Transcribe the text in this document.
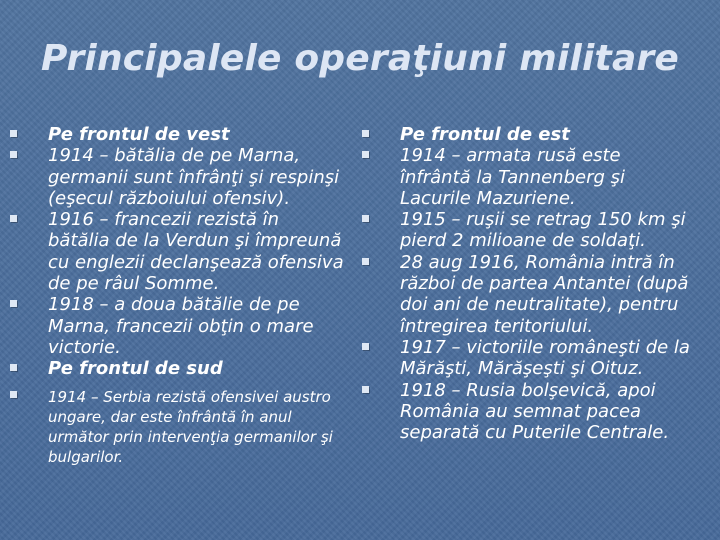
Principalele operaţiuni militare
Pe frontul de vest
1914 – bătălia de pe Marna, germanii sunt înfrânţi şi respinşi (eşecul războiului ofensiv).
1916 – francezii rezistă în bătălia de la Verdun şi împreună cu englezii declanşează ofensiva de pe râul Somme.
1918 – a doua bătălie de pe Marna, francezii obţin o mare victorie.
Pe frontul de sud
1914 – Serbia rezistă ofensivei austro ungare, dar este înfrântă în anul următor prin intervenţia germanilor şi bulgarilor.
Pe frontul de est
1914 – armata rusă este înfrântă la Tannenberg şi Lacurile Mazuriene.
1915 – ruşii se retrag 150 km şi pierd 2 milioane de soldaţi.
28 aug 1916, România intră în război de partea Antantei (după doi ani de neutralitate), pentru întregirea teritoriului.
1917 – victoriile româneşti de la Mărăşti, Mărăşeşti şi Oituz.
1918 – Rusia bolşevică, apoi România au semnat pacea separată cu Puterile Centrale.
